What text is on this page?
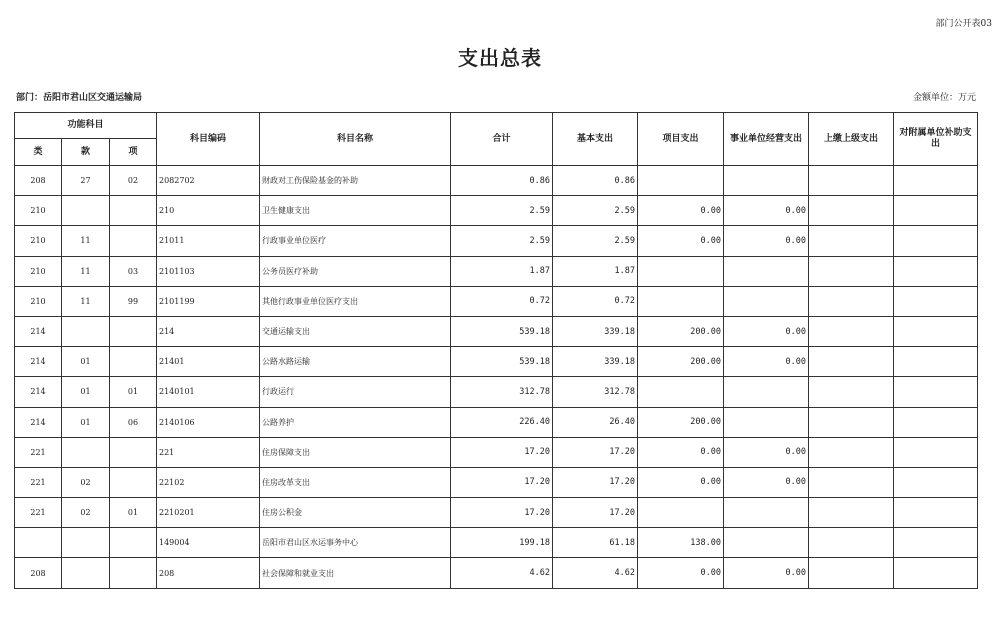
部门公开表03
支出总表
部门：岳阳市君山区交通运输局	金额单位：万元
功能科目			科目编码	科目名称	合计	基本支出	项目支出	事业单位经营支出	上缴上级支出	对附属单位补助支出
类	款	项								
208	27	02	2082702	财政对工伤保险基金的补助	0.86	0.86				
210			210	卫生健康支出	2.59	2.59	0.00	0.00		
210	11		21011	行政事业单位医疗	2.59	2.59	0.00	0.00		
210	11	03	2101103	公务员医疗补助	1.87	1.87				
210	11	99	2101199	其他行政事业单位医疗支出	0.72	0.72				
214			214	交通运输支出	539.18	339.18	200.00	0.00		
214	01		21401	公路水路运输	539.18	339.18	200.00	0.00		
214	01	01	2140101	行政运行	312.78	312.78				
214	01	06	2140106	公路养护	226.40	26.40	200.00			
221			221	住房保障支出	17.20	17.20	0.00	0.00		
221	02		22102	住房改革支出	17.20	17.20	0.00	0.00		
221	02	01	2210201	住房公积金	17.20	17.20				
			149004	岳阳市君山区水运事务中心	199.18	61.18	138.00			
208			208	社会保障和就业支出	4.62	4.62	0.00	0.00		
